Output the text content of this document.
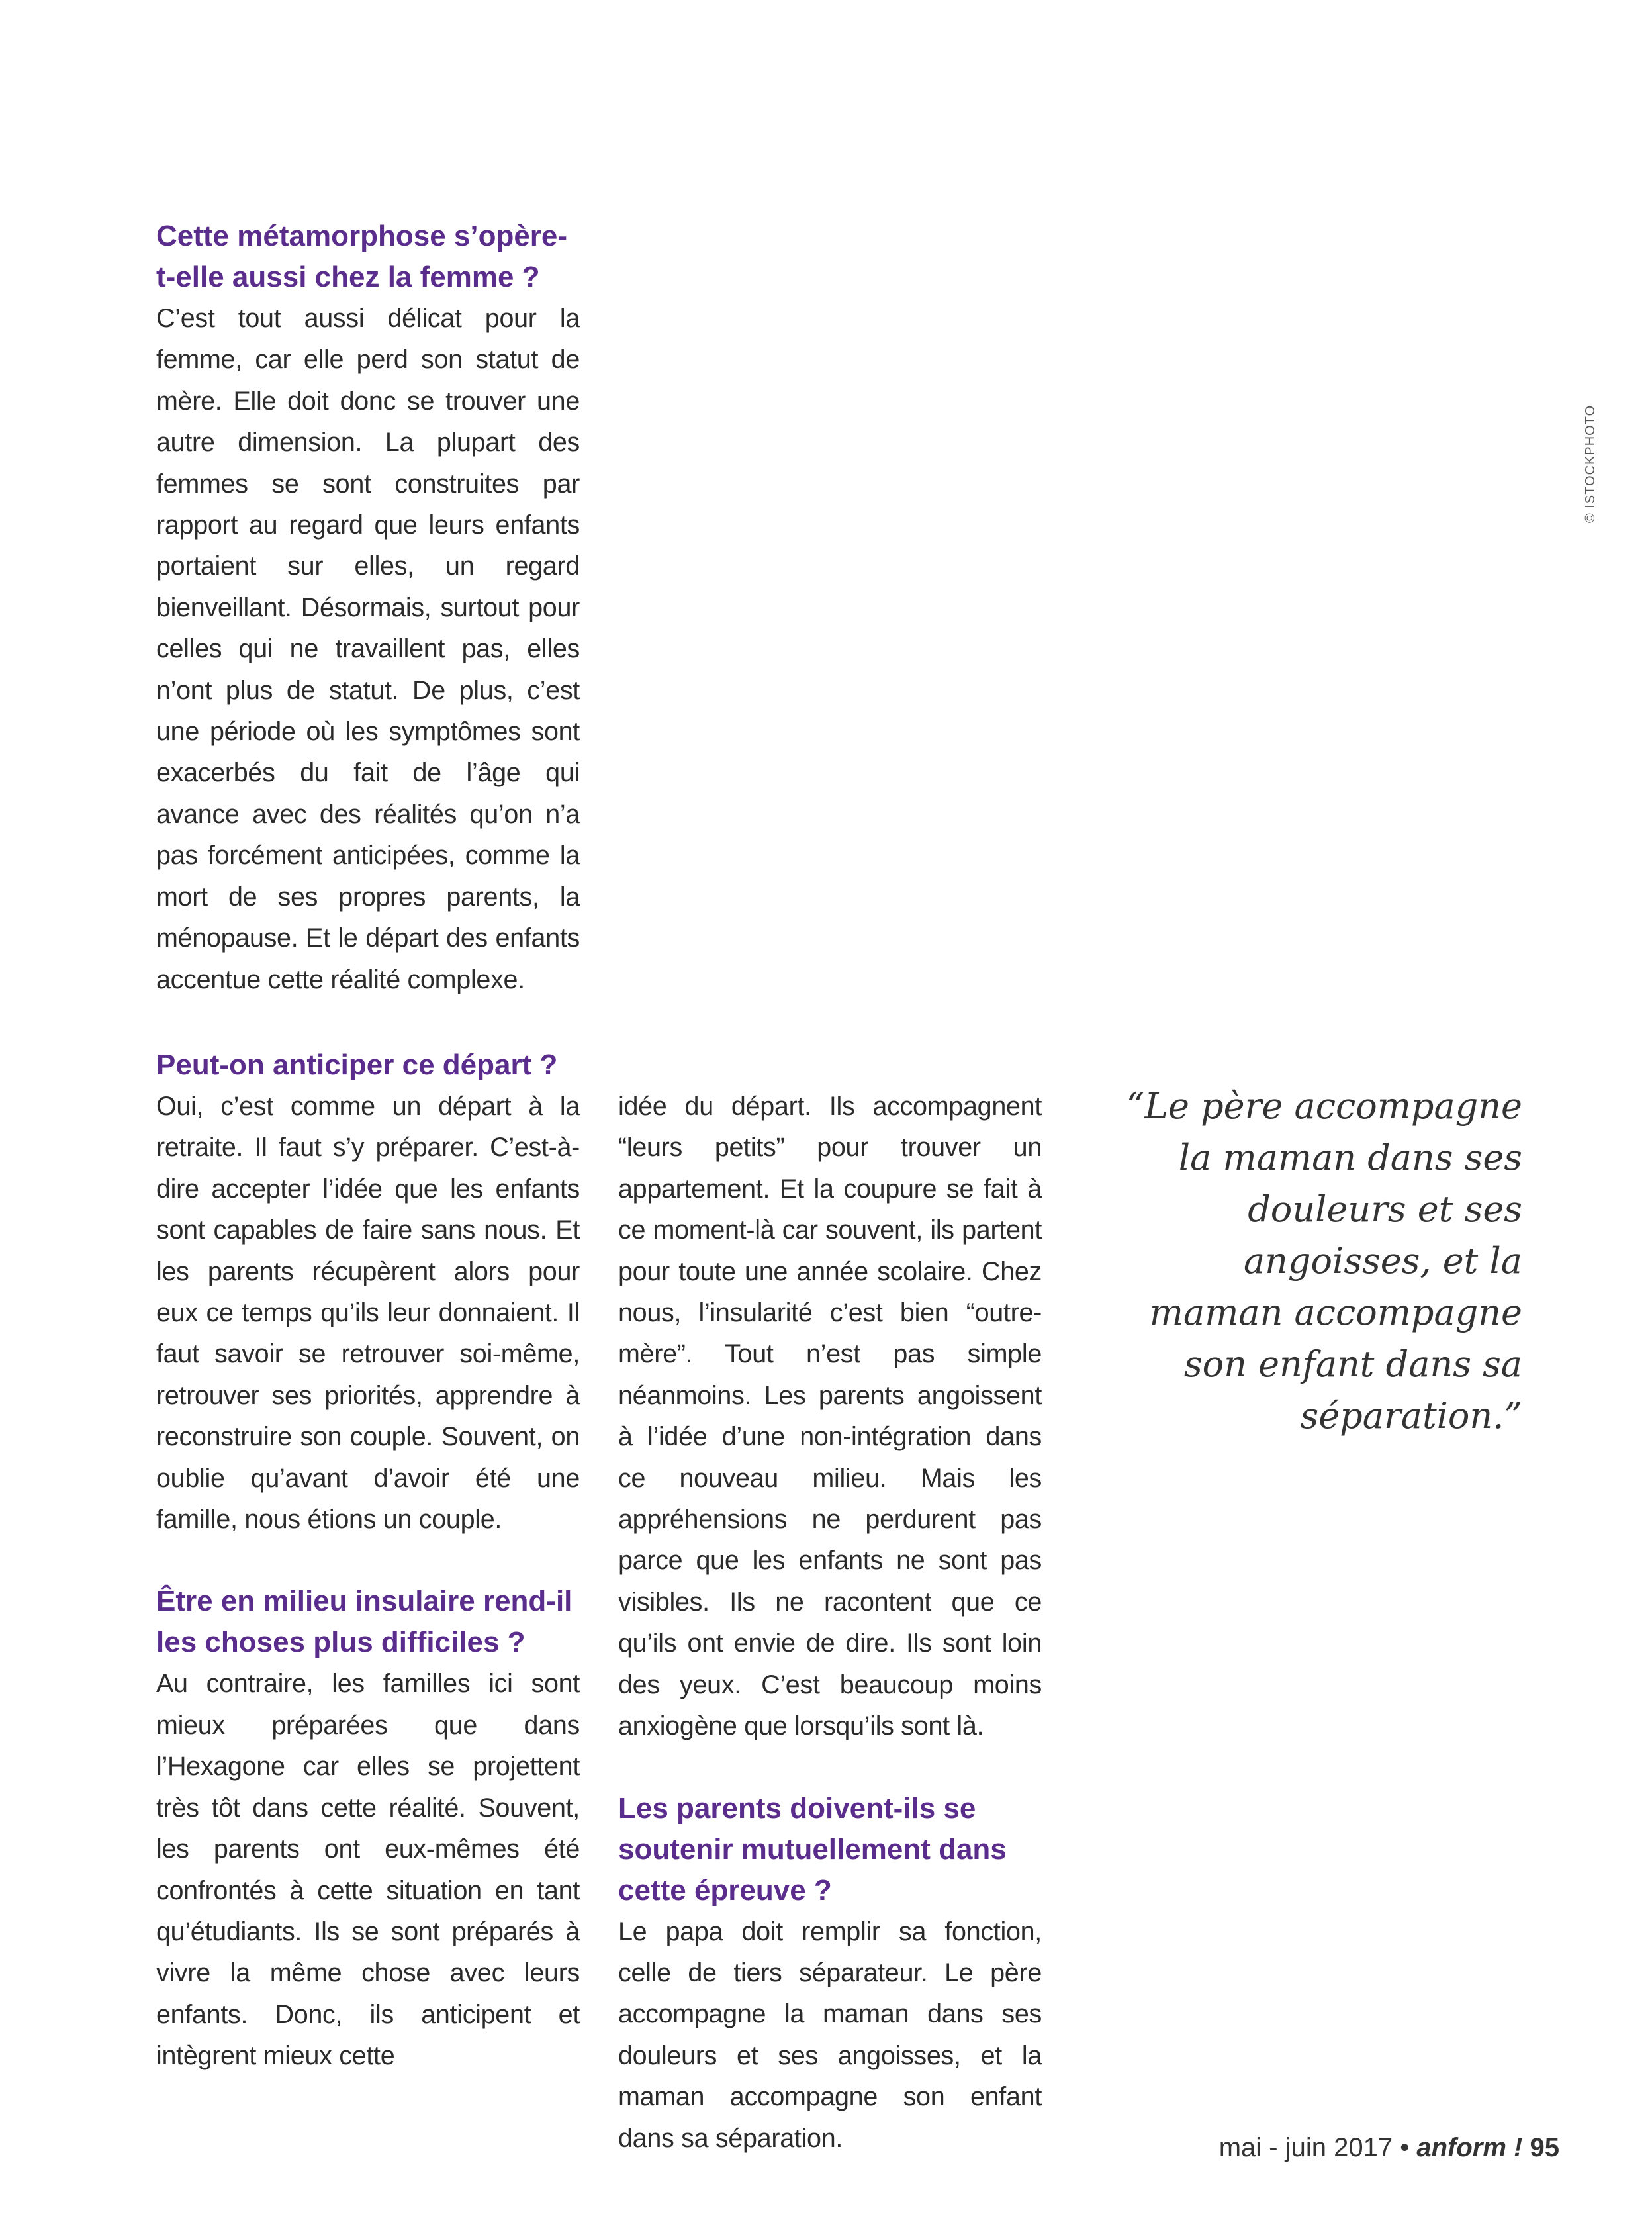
Cette métamorphose s’opère-t-elle aussi chez la femme ?

C’est tout aussi délicat pour la femme, car elle perd son statut de mère. Elle doit donc se trouver une autre dimension. La plupart des femmes se sont construites par rapport au regard que leurs enfants portaient sur elles, un regard bienveillant. Désormais, surtout pour celles qui ne travaillent pas, elles n’ont plus de statut. De plus, c’est une période où les symptômes sont exacerbés du fait de l’âge qui avance avec des réalités qu’on n’a pas forcément anticipées, comme la mort de ses propres parents, la ménopause. Et le départ des enfants accentue cette réalité complexe.

Peut-on anticiper ce départ ?

Oui, c’est comme un départ à la retraite. Il faut s’y préparer. C’est-à-dire accepter l’idée que les enfants sont capables de faire sans nous. Et les parents récupèrent alors pour eux ce temps qu’ils leur donnaient. Il faut savoir se retrouver soi-même, retrouver ses priorités, apprendre à reconstruire son couple. Souvent, on oublie qu’avant d’avoir été une famille, nous étions un couple.

Être en milieu insulaire rend-il les choses plus difficiles ?

Au contraire, les familles ici sont mieux préparées que dans l’Hexagone car elles se projettent très tôt dans cette réalité. Souvent, les parents ont eux-mêmes été confrontés à cette situation en tant qu’étudiants. Ils se sont préparés à vivre la même chose avec leurs enfants. Donc, ils anticipent et intègrent mieux cette

idée du départ. Ils accompagnent “leurs petits” pour trouver un appartement. Et la coupure se fait à ce moment-là car souvent, ils partent pour toute une année scolaire. Chez nous, l’insularité c’est bien “outre-mère”. Tout n’est pas simple néanmoins. Les parents angoissent à l’idée d’une non-intégration dans ce nouveau milieu. Mais les appréhensions ne perdurent pas parce que les enfants ne sont pas visibles. Ils ne racontent que ce qu’ils ont envie de dire. Ils sont loin des yeux. C’est beaucoup moins anxiogène que lorsqu’ils sont là.

Les parents doivent-ils se soutenir mutuellement dans cette épreuve ?

Le papa doit remplir sa fonction, celle de tiers séparateur. Le père accompagne la maman dans ses douleurs et ses angoisses, et la maman accompagne son enfant dans sa séparation.

“Le père accompagne la maman dans ses douleurs et ses angoisses, et la maman accompagne son enfant dans sa séparation.”
© ISTOCKPHOTO
mai - juin 2017 • anform ! 95
